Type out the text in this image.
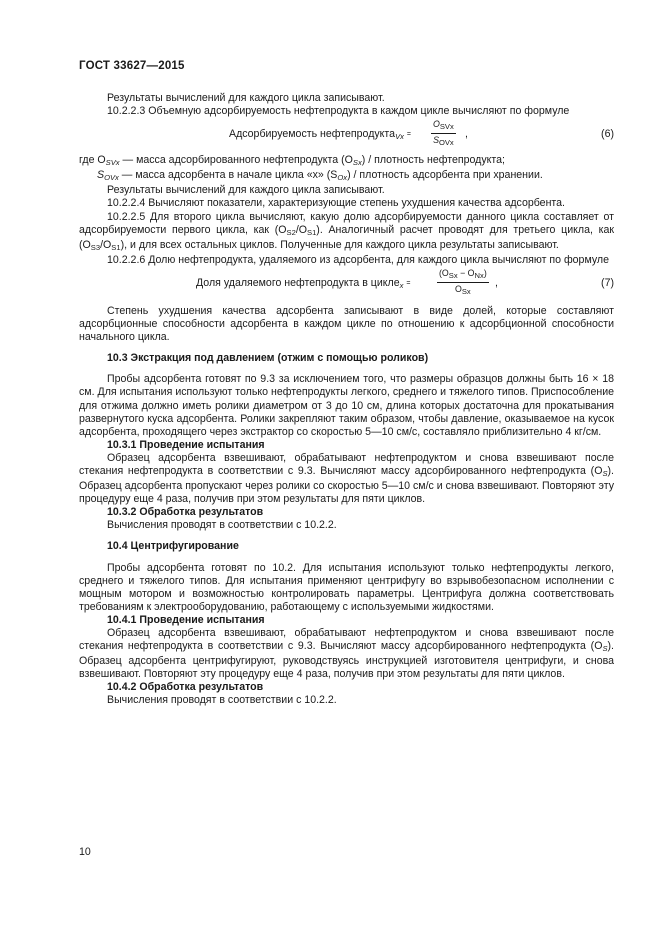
ГОСТ 33627—2015

Результаты вычислений для каждого цикла записывают.

10.2.2.3 Объемную адсорбируемость нефтепродукта в каждом цикле вычисляют по формуле

Адсорбируемость нефтепродукта$_{Vx}$ =
OSVx
SOVx
,	(6)

где $O_{SVx}$ — масса адсорбированного нефтепродукта $(O_{Sx})$ / плотность нефтепродукта;

$S_{OVx}$ — масса адсорбента в начале цикла «x» $(S_{Ox})$ / плотность адсорбента при хранении.

Результаты вычислений для каждого цикла записывают.

10.2.2.4 Вычисляют показатели, характеризующие степень ухудшения качества адсорбента.

10.2.2.5 Для второго цикла вычисляют, какую долю адсорбируемости данного цикла составляет от адсорбируемости первого цикла, как $(O_{S2}/O_{S1})$. Аналогичный расчет проводят для третьего цикла, как $(O_{S3}/O_{S1})$, и для всех остальных циклов. Полученные для каждого цикла результаты записывают.

10.2.2.6 Долю нефтепродукта, удаляемого из адсорбента, для каждого цикла вычисляют по формуле

Доля удаляемого нефтепродукта в цикле$_x$ =
(OSx − ONx)
OSx
,	(7)

Степень ухудшения качества адсорбента записывают в виде долей, которые составляют адсорбционные способности адсорбента в каждом цикле по отношению к адсорбционной способности начального цикла.

10.3 Экстракция под давлением (отжим с помощью роликов)

Пробы адсорбента готовят по 9.3 за исключением того, что размеры образцов должны быть 16 × 18 см. Для испытания используют только нефтепродукты легкого, среднего и тяжелого типов. Приспособление для отжима должно иметь ролики диаметром от 3 до 10 см, длина которых достаточна для прокатывания развернутого куска адсорбента. Ролики закрепляют таким образом, чтобы давление, оказываемое на кусок адсорбента, проходящего через экстрактор со скоростью 5—10 см/с, составляло приблизительно 4 кг/см.

10.3.1 Проведение испытания

Образец адсорбента взвешивают, обрабатывают нефтепродуктом и снова взвешивают после стекания нефтепродукта в соответствии с 9.3. Вычисляют массу адсорбированного нефтепродукта $(O_S)$. Образец адсорбента пропускают через ролики со скоростью 5—10 см/с и снова взвешивают. Повторяют эту процедуру еще 4 раза, получив при этом результаты для пяти циклов.

10.3.2 Обработка результатов

Вычисления проводят в соответствии с 10.2.2.

10.4 Центрифугирование

Пробы адсорбента готовят по 10.2. Для испытания используют только нефтепродукты легкого, среднего и тяжелого типов. Для испытания применяют центрифугу во взрывобезопасном исполнении с мощным мотором и возможностью контролировать параметры. Центрифуга должна соответствовать требованиям к электрооборудованию, работающему с используемыми жидкостями.

10.4.1 Проведение испытания

Образец адсорбента взвешивают, обрабатывают нефтепродуктом и снова взвешивают после стекания нефтепродукта в соответствии с 9.3. Вычисляют массу адсорбированного нефтепродукта $(O_S)$. Образец адсорбента центрифугируют, руководствуясь инструкцией изготовителя центрифуги, и снова взвешивают. Повторяют эту процедуру еще 4 раза, получив при этом результаты для пяти циклов.

10.4.2 Обработка результатов

Вычисления проводят в соответствии с 10.2.2.

10
